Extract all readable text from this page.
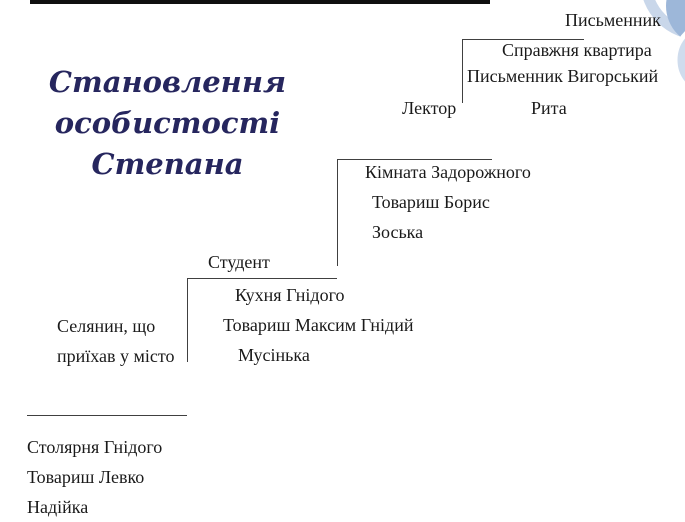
Становлення
особистості
Степана
Письменник
Справжня квартира
Письменник Вигорський
Лектор	Рита
Кімната Задорожного
Товариш Борис
Зоська
Студент
Кухня Гнідого
Товариш Максим Гнідий
Мусінька
Селянин, що
приїхав у місто
Столярня Гнідого
Товариш Левко
Надійка
